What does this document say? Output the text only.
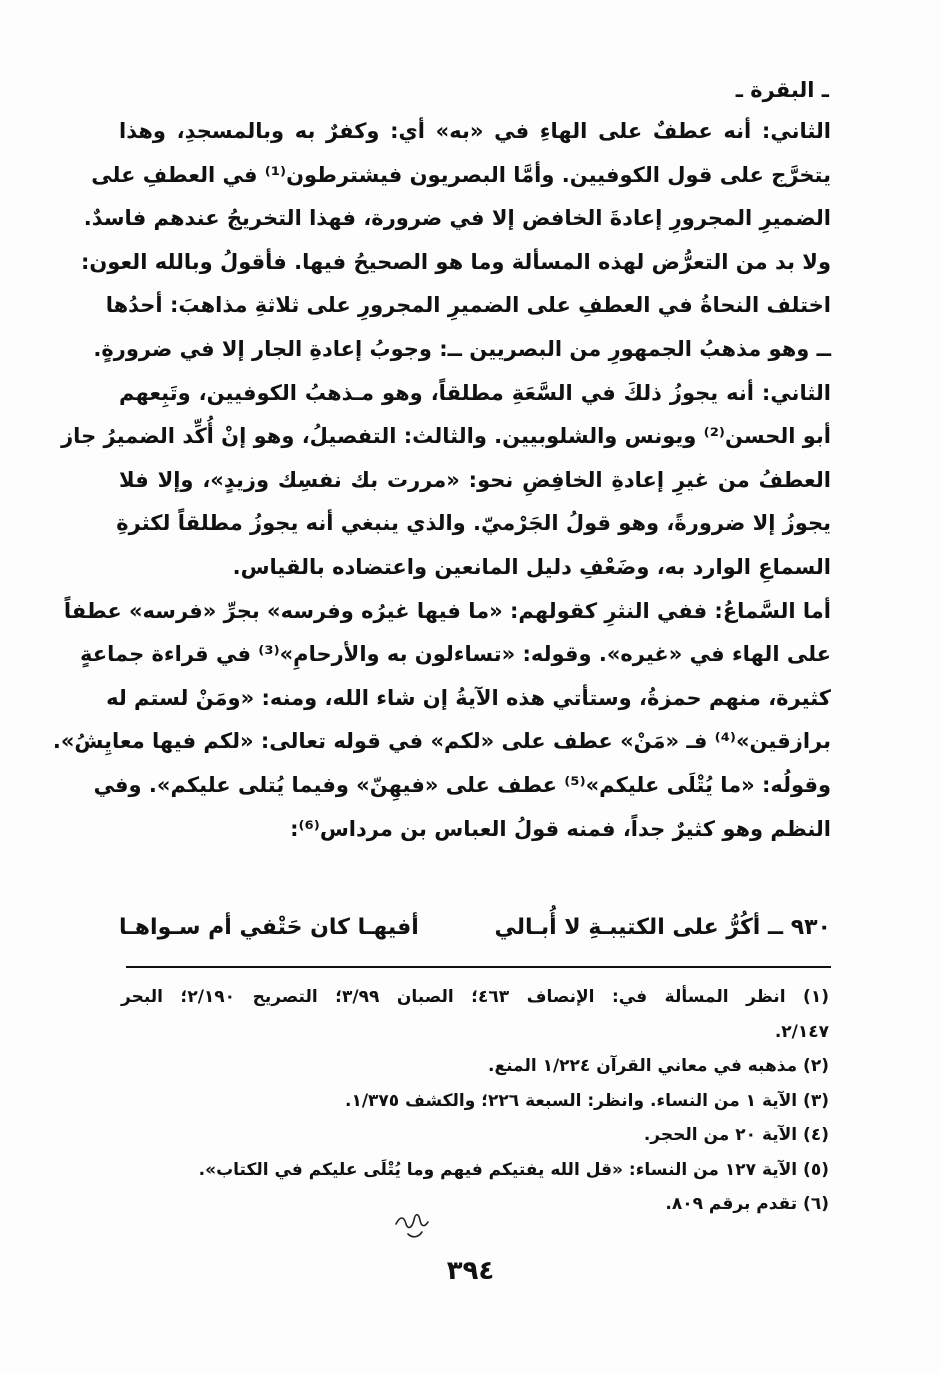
ـ البقرة ـ
الثاني: أنه عطفٌ على الهاءِ في «به» أي: وكفرٌ به وبالمسجدِ، وهذا
يتخرَّج على قول الكوفيين. وأمَّا البصريون فيشترطون⁽¹⁾ في العطفِ على
الضميرِ المجرورِ إعادةَ الخافض إلا في ضرورة، فهذا التخريجُ عندهم فاسدٌ.
ولا بد من التعرُّض لهذه المسألة وما هو الصحيحُ فيها. فأقولُ وبالله العون:
اختلف النحاةُ في العطفِ على الضميرِ المجرورِ على ثلاثةِ مذاهبَ: أحدُها
ــ وهو مذهبُ الجمهورِ من البصريين ــ: وجوبُ إعادةِ الجار إلا في ضرورةٍ.
الثاني: أنه يجوزُ ذلكَ في السَّعَةِ مطلقاً، وهو مـذهبُ الكوفيين، وتَبِعهم
أبو الحسن⁽²⁾ ويونس والشلوبيين. والثالث: التفصيلُ، وهو إنْ أُكِّد الضميرُ جاز
العطفُ من غيرِ إعادةِ الخافِضِ نحو: «مررت بك نفسِك وزيدٍ»، وإلا فلا
يجوزُ إلا ضرورةً، وهو قولُ الجَرْميّ. والذي ينبغي أنه يجوزُ مطلقاً لكثرةِ
السماعِ الوارد به، وضَعْفِ دليل المانعين واعتضاده بالقياس.
أما السَّماعُ: ففي النثرِ كقولهم: «ما فيها غيرُه وفرسه» بجرِّ «فرسه» عطفاً
على الهاء في «غيره». وقوله: «تساءلون به والأرحامِ»⁽³⁾ في قراءة جماعةٍ
كثيرة، منهم حمزةُ، وستأتي هذه الآيةُ إن شاء الله، ومنه: «ومَنْ لستم له
برازقين»⁽⁴⁾ فـ «مَنْ» عطف على «لكم» في قوله تعالى: «لكم فيها معايِشُ».
وقولُه: «ما يُتْلَى عليكم»⁽⁵⁾ عطف على «فيهِنّ» وفيما يُتلى عليكم». وفي
النظم وهو كثيرٌ جداً، فمنه قولُ العباس بن مرداس⁽⁶⁾:
٩٣٠ ــ أكُرُّ على الكتيبـةِ لا أُبـالي
أفيهـا كان حَتْفي أم سـواهـا
(١) انظر المسألة في: الإنصاف ٤٦٣؛ الصبان ٣/٩٩؛ التصريح ٢/١٩٠؛ البحر
٢/١٤٧.
(٢) مذهبه في معاني القرآن ١/٢٢٤ المنع.
(٣) الآية ١ من النساء. وانظر: السبعة ٢٢٦؛ والكشف ١/٣٧٥.
(٤) الآية ٢٠ من الحجر.
(٥) الآية ١٢٧ من النساء: «قل الله يفتيكم فيهم وما يُتْلَى عليكم في الكتاب».
(٦) تقدم برقم ٨٠٩.
٣٩٤
